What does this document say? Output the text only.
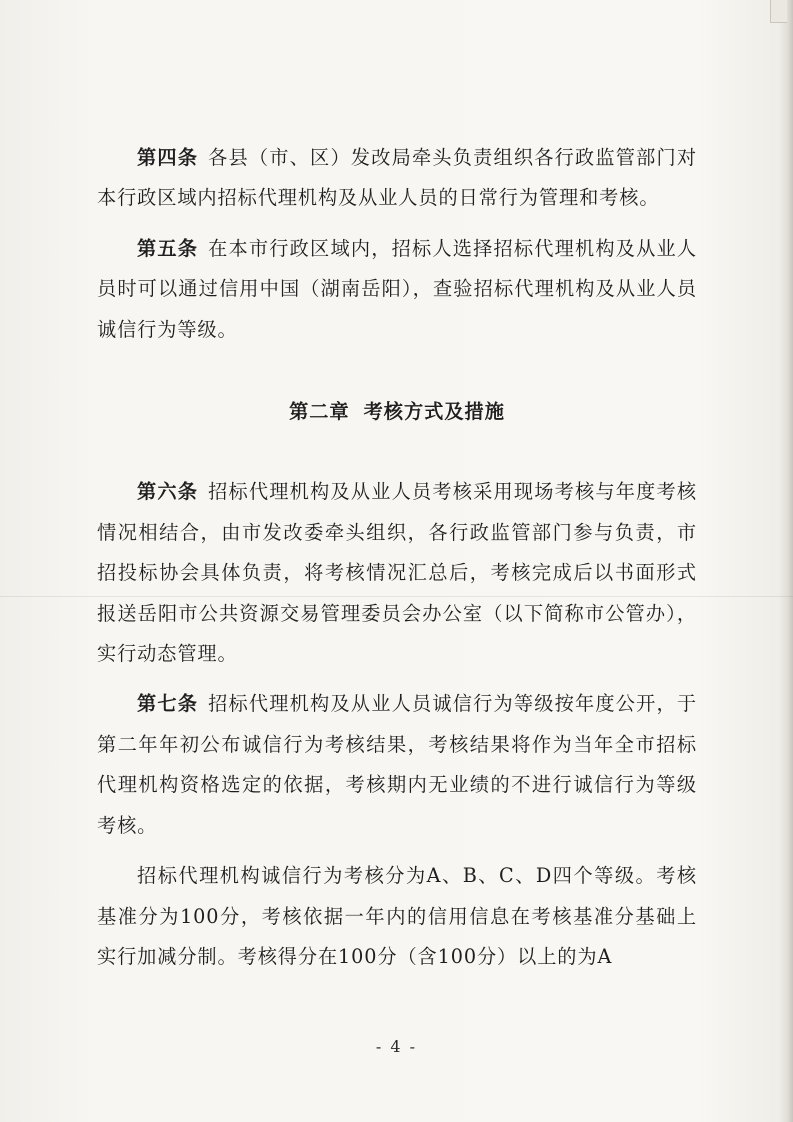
第四条 各县（市、区）发改局牵头负责组织各行政监管部门对本行政区域内招标代理机构及从业人员的日常行为管理和考核。

第五条 在本市行政区域内，招标人选择招标代理机构及从业人员时可以通过信用中国（湖南岳阳），查验招标代理机构及从业人员诚信行为等级。

第二章 考核方式及措施

第六条 招标代理机构及从业人员考核采用现场考核与年度考核情况相结合，由市发改委牵头组织，各行政监管部门参与负责，市招投标协会具体负责，将考核情况汇总后，考核完成后以书面形式报送岳阳市公共资源交易管理委员会办公室（以下简称市公管办），实行动态管理。

第七条 招标代理机构及从业人员诚信行为等级按年度公开，于第二年年初公布诚信行为考核结果，考核结果将作为当年全市招标代理机构资格选定的依据，考核期内无业绩的不进行诚信行为等级考核。

招标代理机构诚信行为考核分为A、B、C、D四个等级。考核基准分为100分，考核依据一年内的信用信息在考核基准分基础上实行加减分制。考核得分在100分（含100分）以上的为A

- 4 -
